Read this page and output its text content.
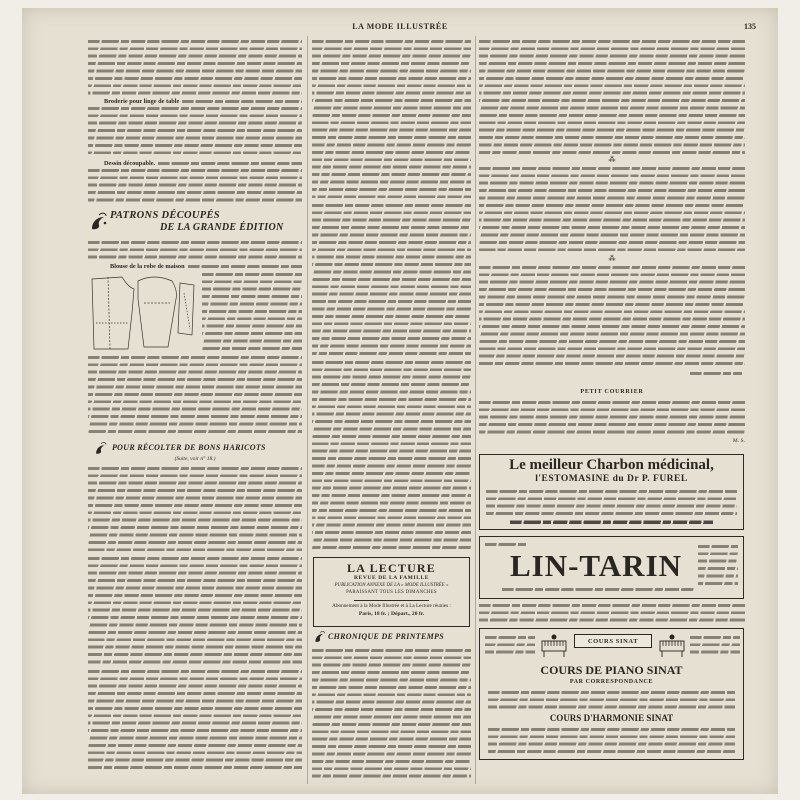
LA MODE ILLUSTRÉE	135
Broderie pour linge de table
Dessin découpable.
PATRONS DÉCOUPÉS
DE LA GRANDE ÉDITION
Blouse de la robe de maison
POUR RÉCOLTER DE BONS HARICOTS
(Suite, voir n° 18.)
LA LECTURE
REVUE DE LA FAMILLE
PUBLICATION ANNEXE DE LA « MODE ILLUSTRÉE »
PARAISSANT TOUS LES DIMANCHES
Abonnement à la Mode Illustrée et à La Lecture réunies :
Paris, 18 fr. ; Départ., 20 fr.
CHRONIQUE DE PRINTEMPS
⁂
⁂
PETIT COURRIER
M. S.
Le meilleur Charbon médicinal,
l'ESTOMASINE du Dr P. FUREL
LIN-TARIN
COURS SINAT
COURS DE PIANO SINAT
PAR CORRESPONDANCE
COURS D'HARMONIE SINAT
